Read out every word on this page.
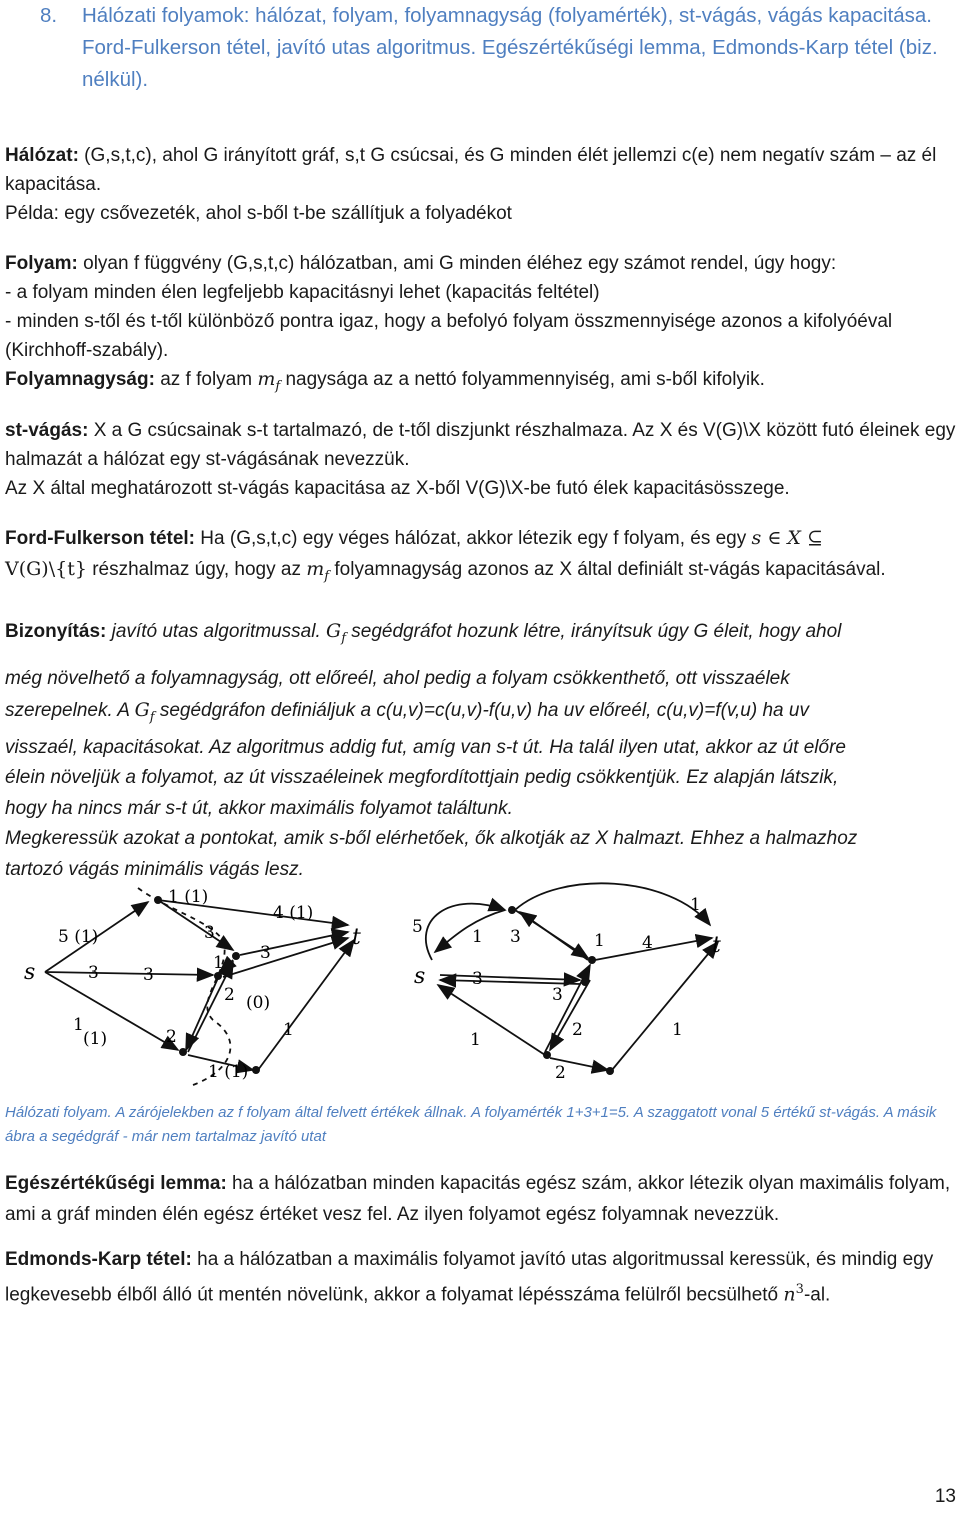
8.	Hálózati folyamok: hálózat, folyam, folyamnagyság (folyamérték), st-vágás, vágás kapacitása. Ford-Fulkerson tétel, javító utas algoritmus. Egészértékűségi lemma, Edmonds-Karp tétel (biz. nélkül).
Hálózat: (G,s,t,c), ahol G irányított gráf, s,t G csúcsai, és G minden élét jellemzi c(e) nem negatív szám – az él kapacitása.
Példa: egy csővezeték, ahol s-ből t-be szállítjuk a folyadékot
Folyam: olyan f függvény (G,s,t,c) hálózatban, ami G minden éléhez egy számot rendel, úgy hogy:
- a folyam minden élen legfeljebb kapacitásnyi lehet (kapacitás feltétel)
- minden s-től és t-től különböző pontra igaz, hogy a befolyó folyam összmennyisége azonos a kifolyóéval (Kirchhoff-szabály).
Folyamnagyság: az f folyam $m_f$ nagysága az a nettó folyammennyiség, ami s-ből kifolyik.
st-vágás: X a G csúcsainak s-t tartalmazó, de t-től diszjunkt részhalmaza. Az X és V(G)\X között futó éleinek egy halmazát a hálózat egy st-vágásának nevezzük.
Az X által meghatározott st-vágás kapacitása az X-ből V(G)\X-be futó élek kapacitásösszege.
Ford-Fulkerson tétel: Ha (G,s,t,c) egy véges hálózat, akkor létezik egy f folyam, és egy s ∈ X ⊆
V(G)\{t} részhalmaz úgy, hogy az $m_f$ folyamnagyság azonos az X által definiált st-vágás kapacitásával.
Bizonyítás: javító utas algoritmussal. $G_f$ segédgráfot hozunk létre, irányítsuk úgy G éleit, hogy ahol
még növelhető a folyamnagyság, ott előreél, ahol pedig a folyam csökkenthető, ott visszaélek
szerepelnek. A $G_f$ segédgráfon definiáljuk a c(u,v)=c(u,v)-f(u,v) ha uv előreél, c(u,v)=f(v,u) ha uv
visszaél, kapacitásokat. Az algoritmus addig fut, amíg van s-t út. Ha talál ilyen utat, akkor az út előre
élein növeljük a folyamot, az út visszaéleinek megfordítottjain pedig csökkentjük. Ez alapján látszik,
hogy ha nincs már s-t út, akkor maximális folyamot találtunk.
Megkeressük azokat a pontokat, amik s-ből elérhetőek, ők alkotják az X halmazt. Ehhez a halmazhoz
tartozó vágás minimális vágás lesz.
s
t
5 (1)
1 (1)
3
4 (1)
3
3
1
2 (0)
3
1
(1)	2	1
1 (1)
s
t
1
5	1	4
3
3
1
3
2
1
2
1
Hálózati folyam. A zárójelekben az f folyam által felvett értékek állnak. A folyamérték 1+3+1=5. A szaggatott vonal 5 értékű st-vágás. A másik ábra a segédgráf - már nem tartalmaz javító utat
Egészértékűségi lemma: ha a hálózatban minden kapacitás egész szám, akkor létezik olyan maximális folyam, ami a gráf minden élén egész értéket vesz fel. Az ilyen folyamot egész folyamnak nevezzük.
Edmonds-Karp tétel: ha a hálózatban a maximális folyamot javító utas algoritmussal keressük, és mindig egy legkevesebb élből álló út mentén növelünk, akkor a folyamat lépésszáma felülről becsülhető $n^3-al$.
13
